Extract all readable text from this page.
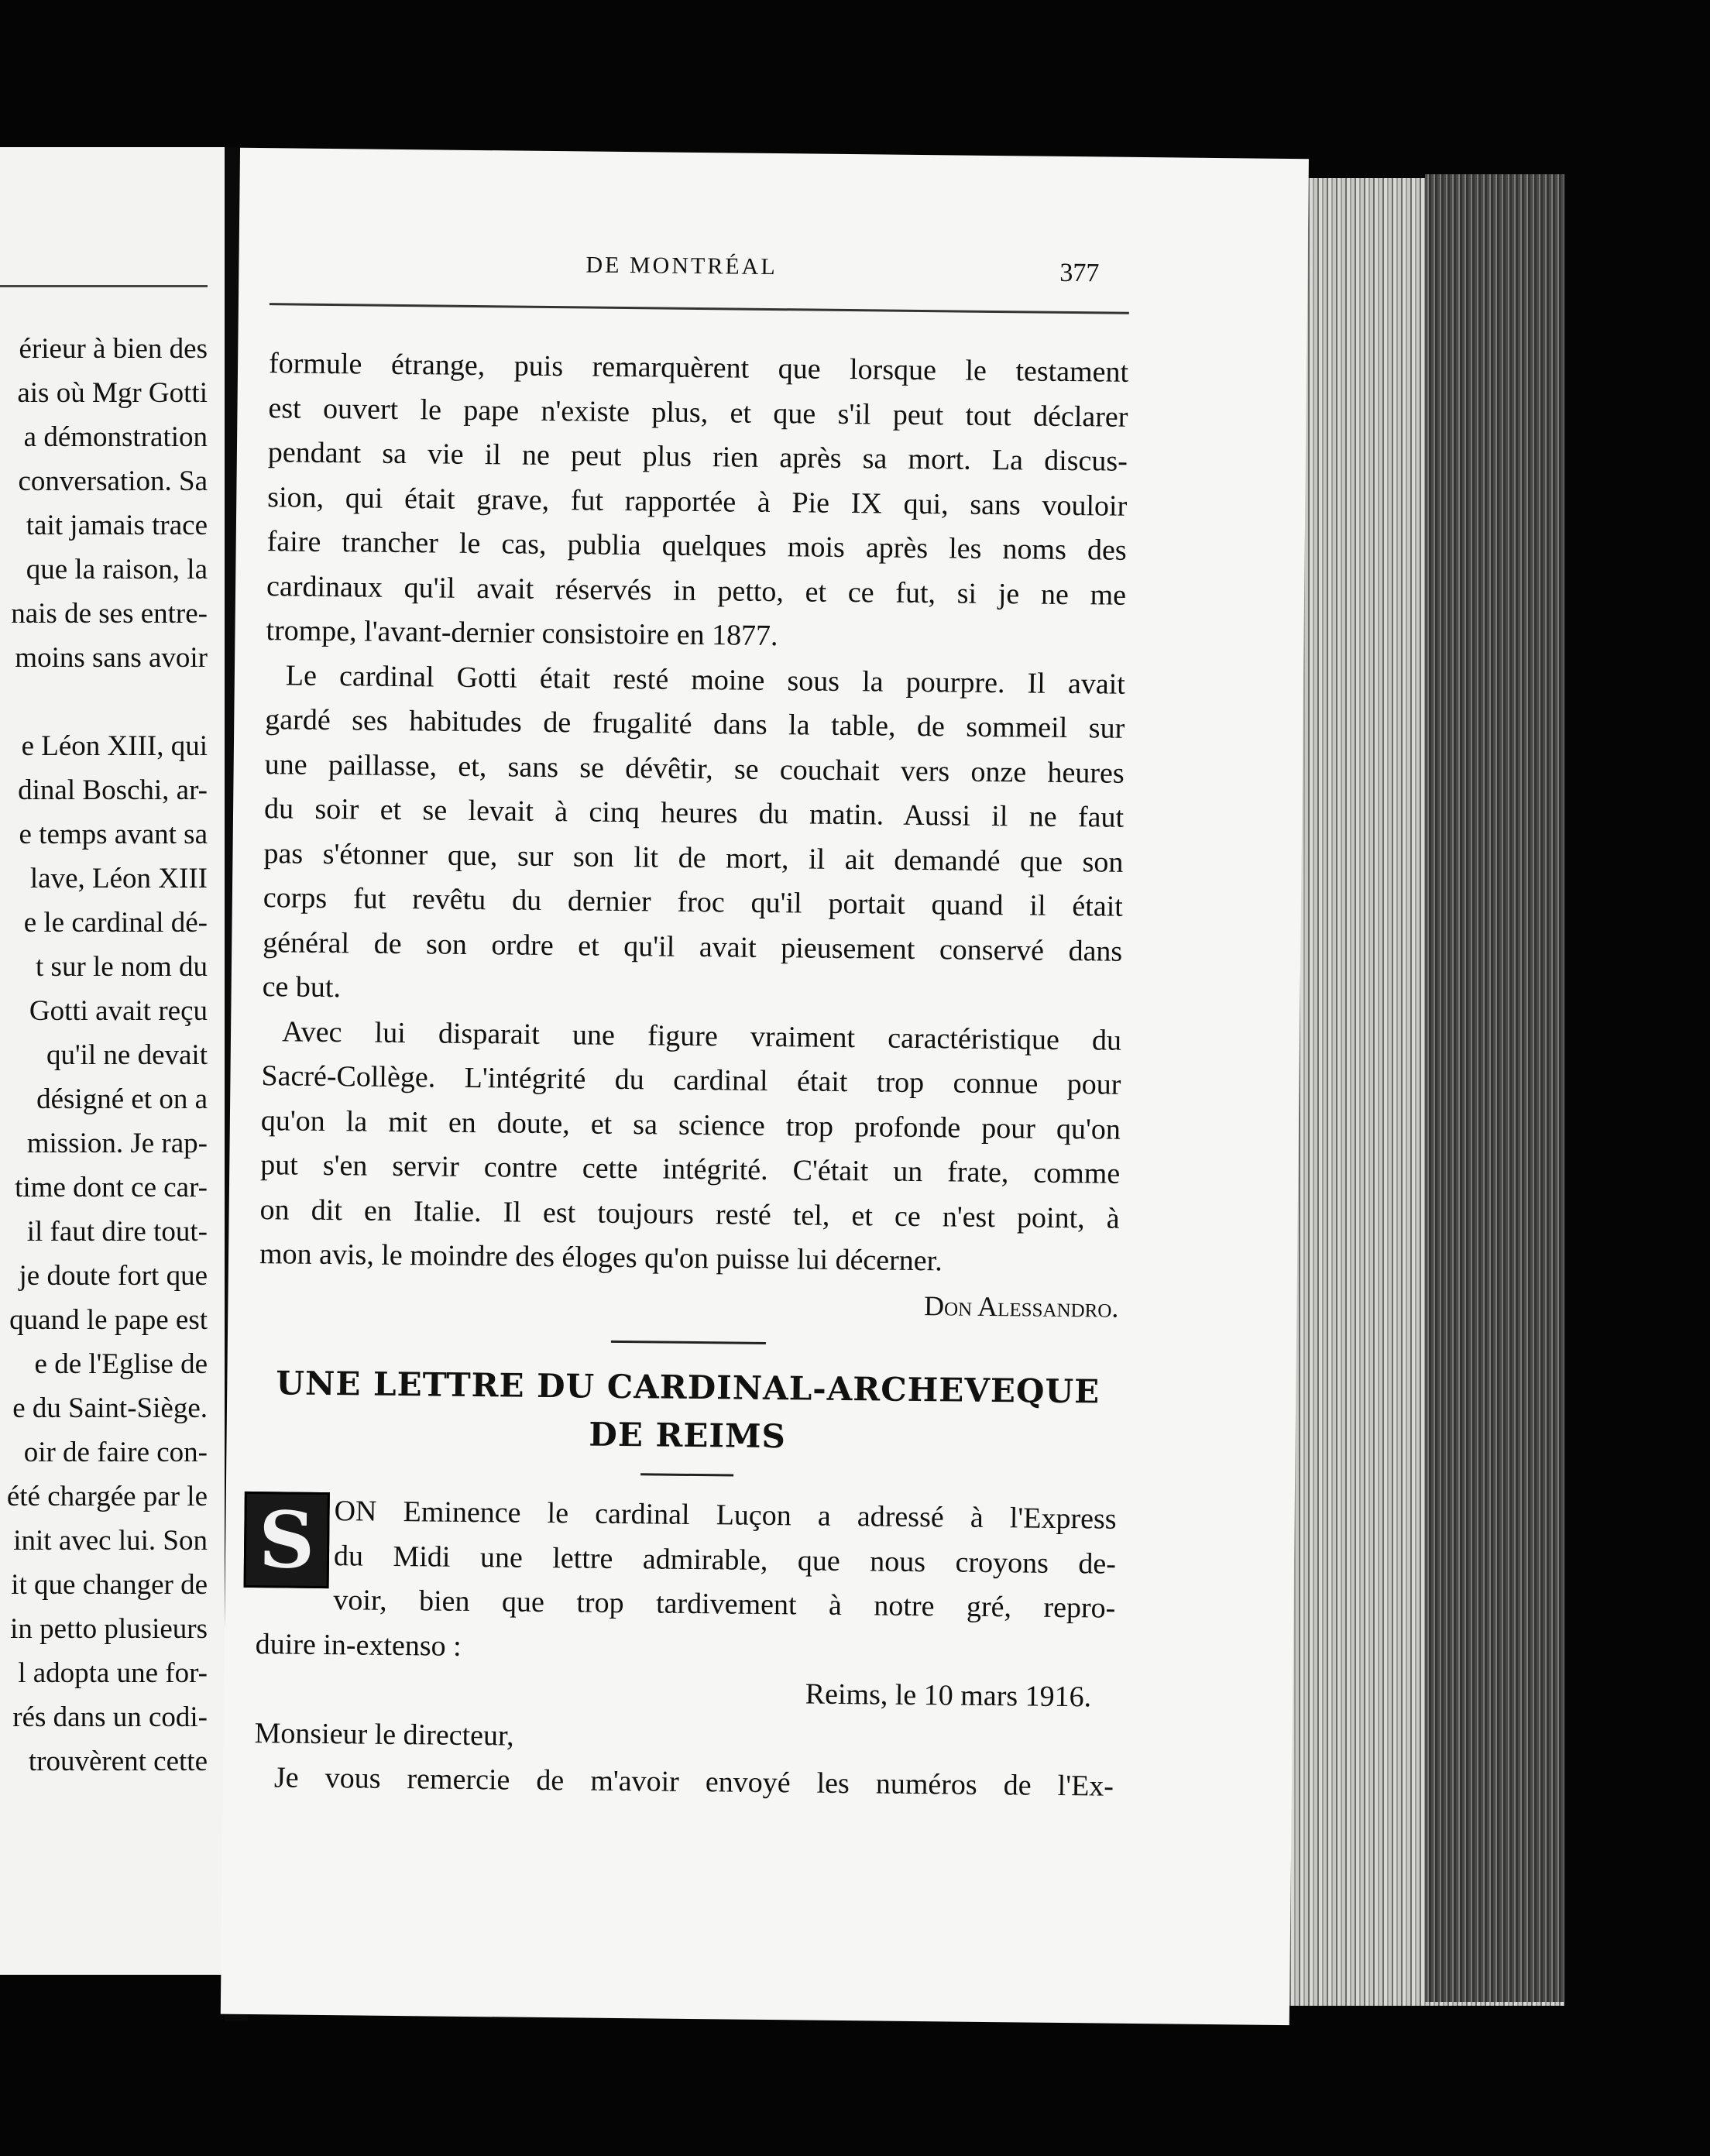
érieur à bien des
ais où Mgr Gotti
a démonstration
conversation. Sa
tait jamais trace
que la raison, la
nais de ses entre-
moins sans avoir
e Léon XIII, qui
dinal Boschi, ar-
e temps avant sa
lave, Léon XIII
e le cardinal dé-
t sur le nom du
Gotti avait reçu
qu'il ne devait
désigné et on a
mission. Je rap-
time dont ce car-
il faut dire tout-
je doute fort que
quand le pape est
e de l'Eglise de
e du Saint-Siège.
oir de faire con-
été chargée par le
init avec lui. Son
it que changer de
in petto plusieurs
l adopta une for-
rés dans un codi-
trouvèrent cette
DE MONTRÉAL	377
formule étrange, puis remarquèrent que lorsque le testament
est ouvert le pape n'existe plus, et que s'il peut tout déclarer
pendant sa vie il ne peut plus rien après sa mort. La discus-
sion, qui était grave, fut rapportée à Pie IX qui, sans vouloir
faire trancher le cas, publia quelques mois après les noms des
cardinaux qu'il avait réservés in petto, et ce fut, si je ne me
trompe, l'avant-dernier consistoire en 1877.
Le cardinal Gotti était resté moine sous la pourpre. Il avait
gardé ses habitudes de frugalité dans la table, de sommeil sur
une paillasse, et, sans se dévêtir, se couchait vers onze heures
du soir et se levait à cinq heures du matin. Aussi il ne faut
pas s'étonner que, sur son lit de mort, il ait demandé que son
corps fut revêtu du dernier froc qu'il portait quand il était
général de son ordre et qu'il avait pieusement conservé dans
ce but.
Avec lui disparait une figure vraiment caractéristique du
Sacré-Collège. L'intégrité du cardinal était trop connue pour
qu'on la mit en doute, et sa science trop profonde pour qu'on
put s'en servir contre cette intégrité. C'était un frate, comme
on dit en Italie. Il est toujours resté tel, et ce n'est point, à
mon avis, le moindre des éloges qu'on puisse lui décerner.
Don Alessandro.
UNE LETTRE DU CARDINAL-ARCHEVEQUE
DE REIMS
S ON Eminence le cardinal Luçon a adressé à l'Express
du Midi une lettre admirable, que nous croyons de-
voir, bien que trop tardivement à notre gré, repro-
duire in-extenso :
Reims, le 10 mars 1916.
Monsieur le directeur,
Je vous remercie de m'avoir envoyé les numéros de l'Ex-
